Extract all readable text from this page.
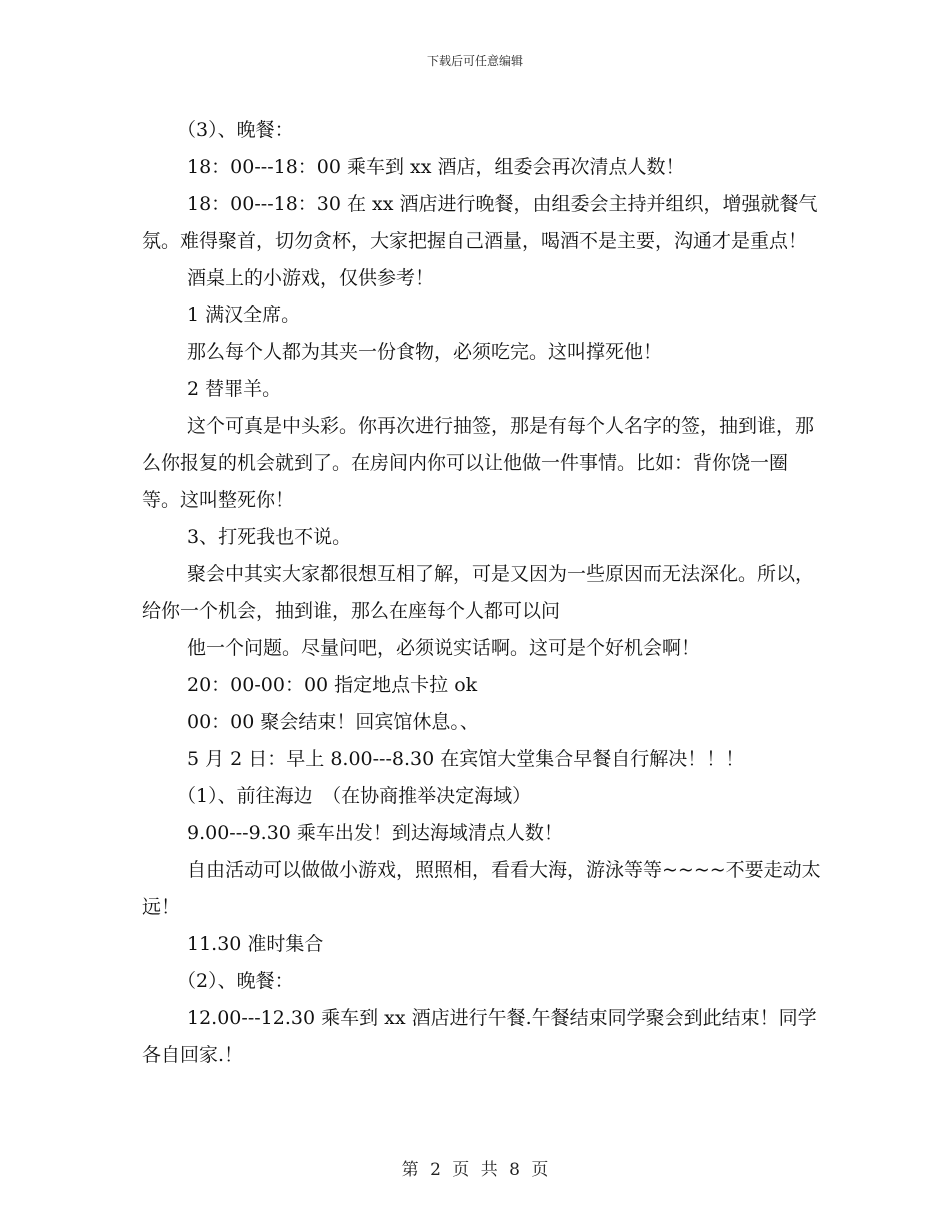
下载后可任意编辑

（3）、晚餐：

18：00---18：00 乘车到 xx 酒店，组委会再次清点人数！

18：00---18：30 在 xx 酒店进行晚餐，由组委会主持并组织，增强就餐气氛。难得聚首，切勿贪杯，大家把握自己酒量，喝酒不是主要，沟通才是重点！

酒桌上的小游戏，仅供参考！

1 满汉全席。

那么每个人都为其夹一份食物，必须吃完。这叫撑死他！

2 替罪羊。

这个可真是中头彩。你再次进行抽签，那是有每个人名字的签，抽到谁，那么你报复的机会就到了。在房间内你可以让他做一件事情。比如：背你饶一圈等。这叫整死你！

3、打死我也不说。

聚会中其实大家都很想互相了解，可是又因为一些原因而无法深化。所以，给你一个机会，抽到谁，那么在座每个人都可以问

他一个问题。尽量问吧，必须说实话啊。这可是个好机会啊！

20：00-00：00 指定地点卡拉 ok

00：00 聚会结束！回宾馆休息。、

5 月 2 日：早上 8.00---8.30 在宾馆大堂集合早餐自行解决！！！

（1）、前往海边　（在协商推举决定海域）

9.00---9.30 乘车出发！到达海域清点人数！

自由活动可以做做小游戏，照照相，看看大海，游泳等等~~~~不要走动太远！

11.30 准时集合

（2）、晚餐：

12.00---12.30 乘车到 xx 酒店进行午餐.午餐结束同学聚会到此结束！同学各自回家.！

第 2 页 共 8 页
